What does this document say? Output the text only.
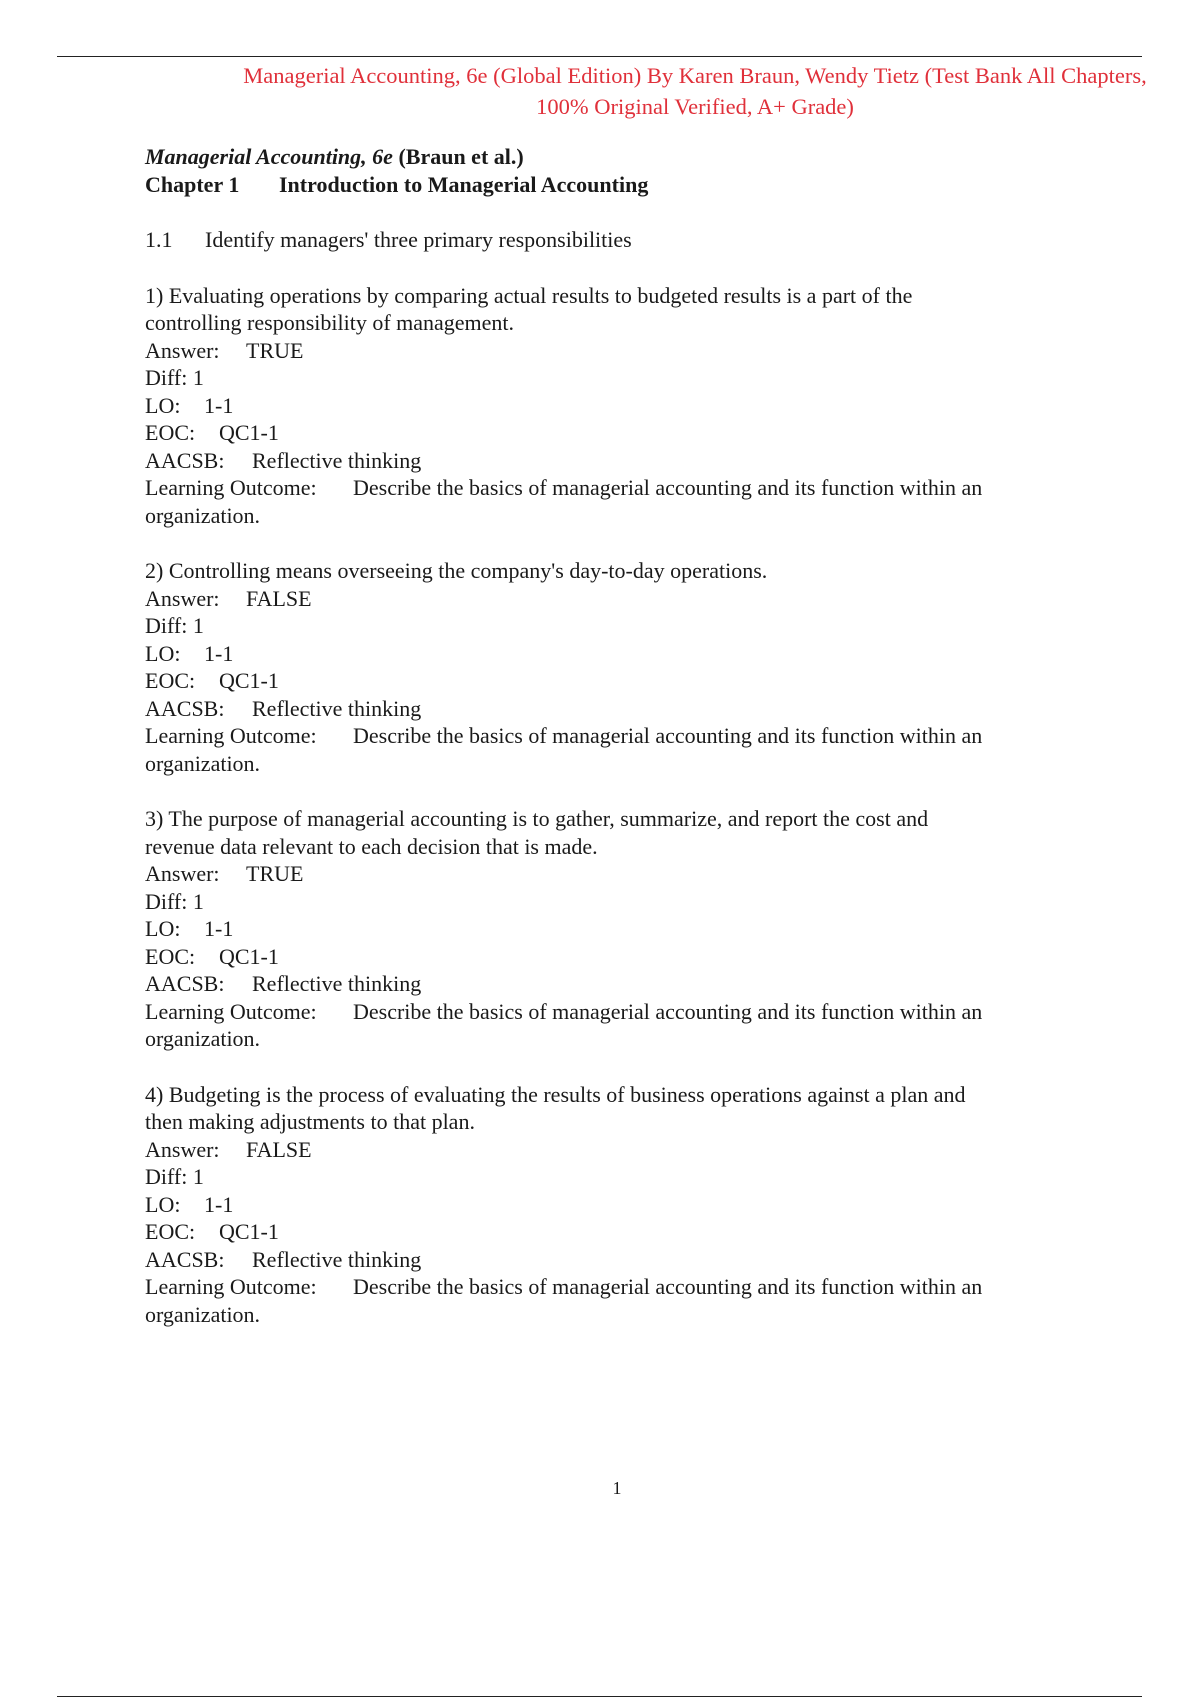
Managerial Accounting, 6e (Global Edition) By Karen Braun, Wendy Tietz (Test Bank All Chapters,
100% Original Verified, A+ Grade)
Managerial Accounting, 6e (Braun et al.)
Chapter 1 Introduction to Managerial Accounting
1.1 Identify managers' three primary responsibilities
1) Evaluating operations by comparing actual results to budgeted results is a part of the
controlling responsibility of management.
Answer: TRUE
Diff: 1
LO: 1-1
EOC: QC1-1
AACSB: Reflective thinking
Learning Outcome: Describe the basics of managerial accounting and its function within an
organization.
2) Controlling means overseeing the company's day-to-day operations.
Answer: FALSE
Diff: 1
LO: 1-1
EOC: QC1-1
AACSB: Reflective thinking
Learning Outcome: Describe the basics of managerial accounting and its function within an
organization.
3) The purpose of managerial accounting is to gather, summarize, and report the cost and
revenue data relevant to each decision that is made.
Answer: TRUE
Diff: 1
LO: 1-1
EOC: QC1-1
AACSB: Reflective thinking
Learning Outcome: Describe the basics of managerial accounting and its function within an
organization.
4) Budgeting is the process of evaluating the results of business operations against a plan and
then making adjustments to that plan.
Answer: FALSE
Diff: 1
LO: 1-1
EOC: QC1-1
AACSB: Reflective thinking
Learning Outcome: Describe the basics of managerial accounting and its function within an
organization.
1
